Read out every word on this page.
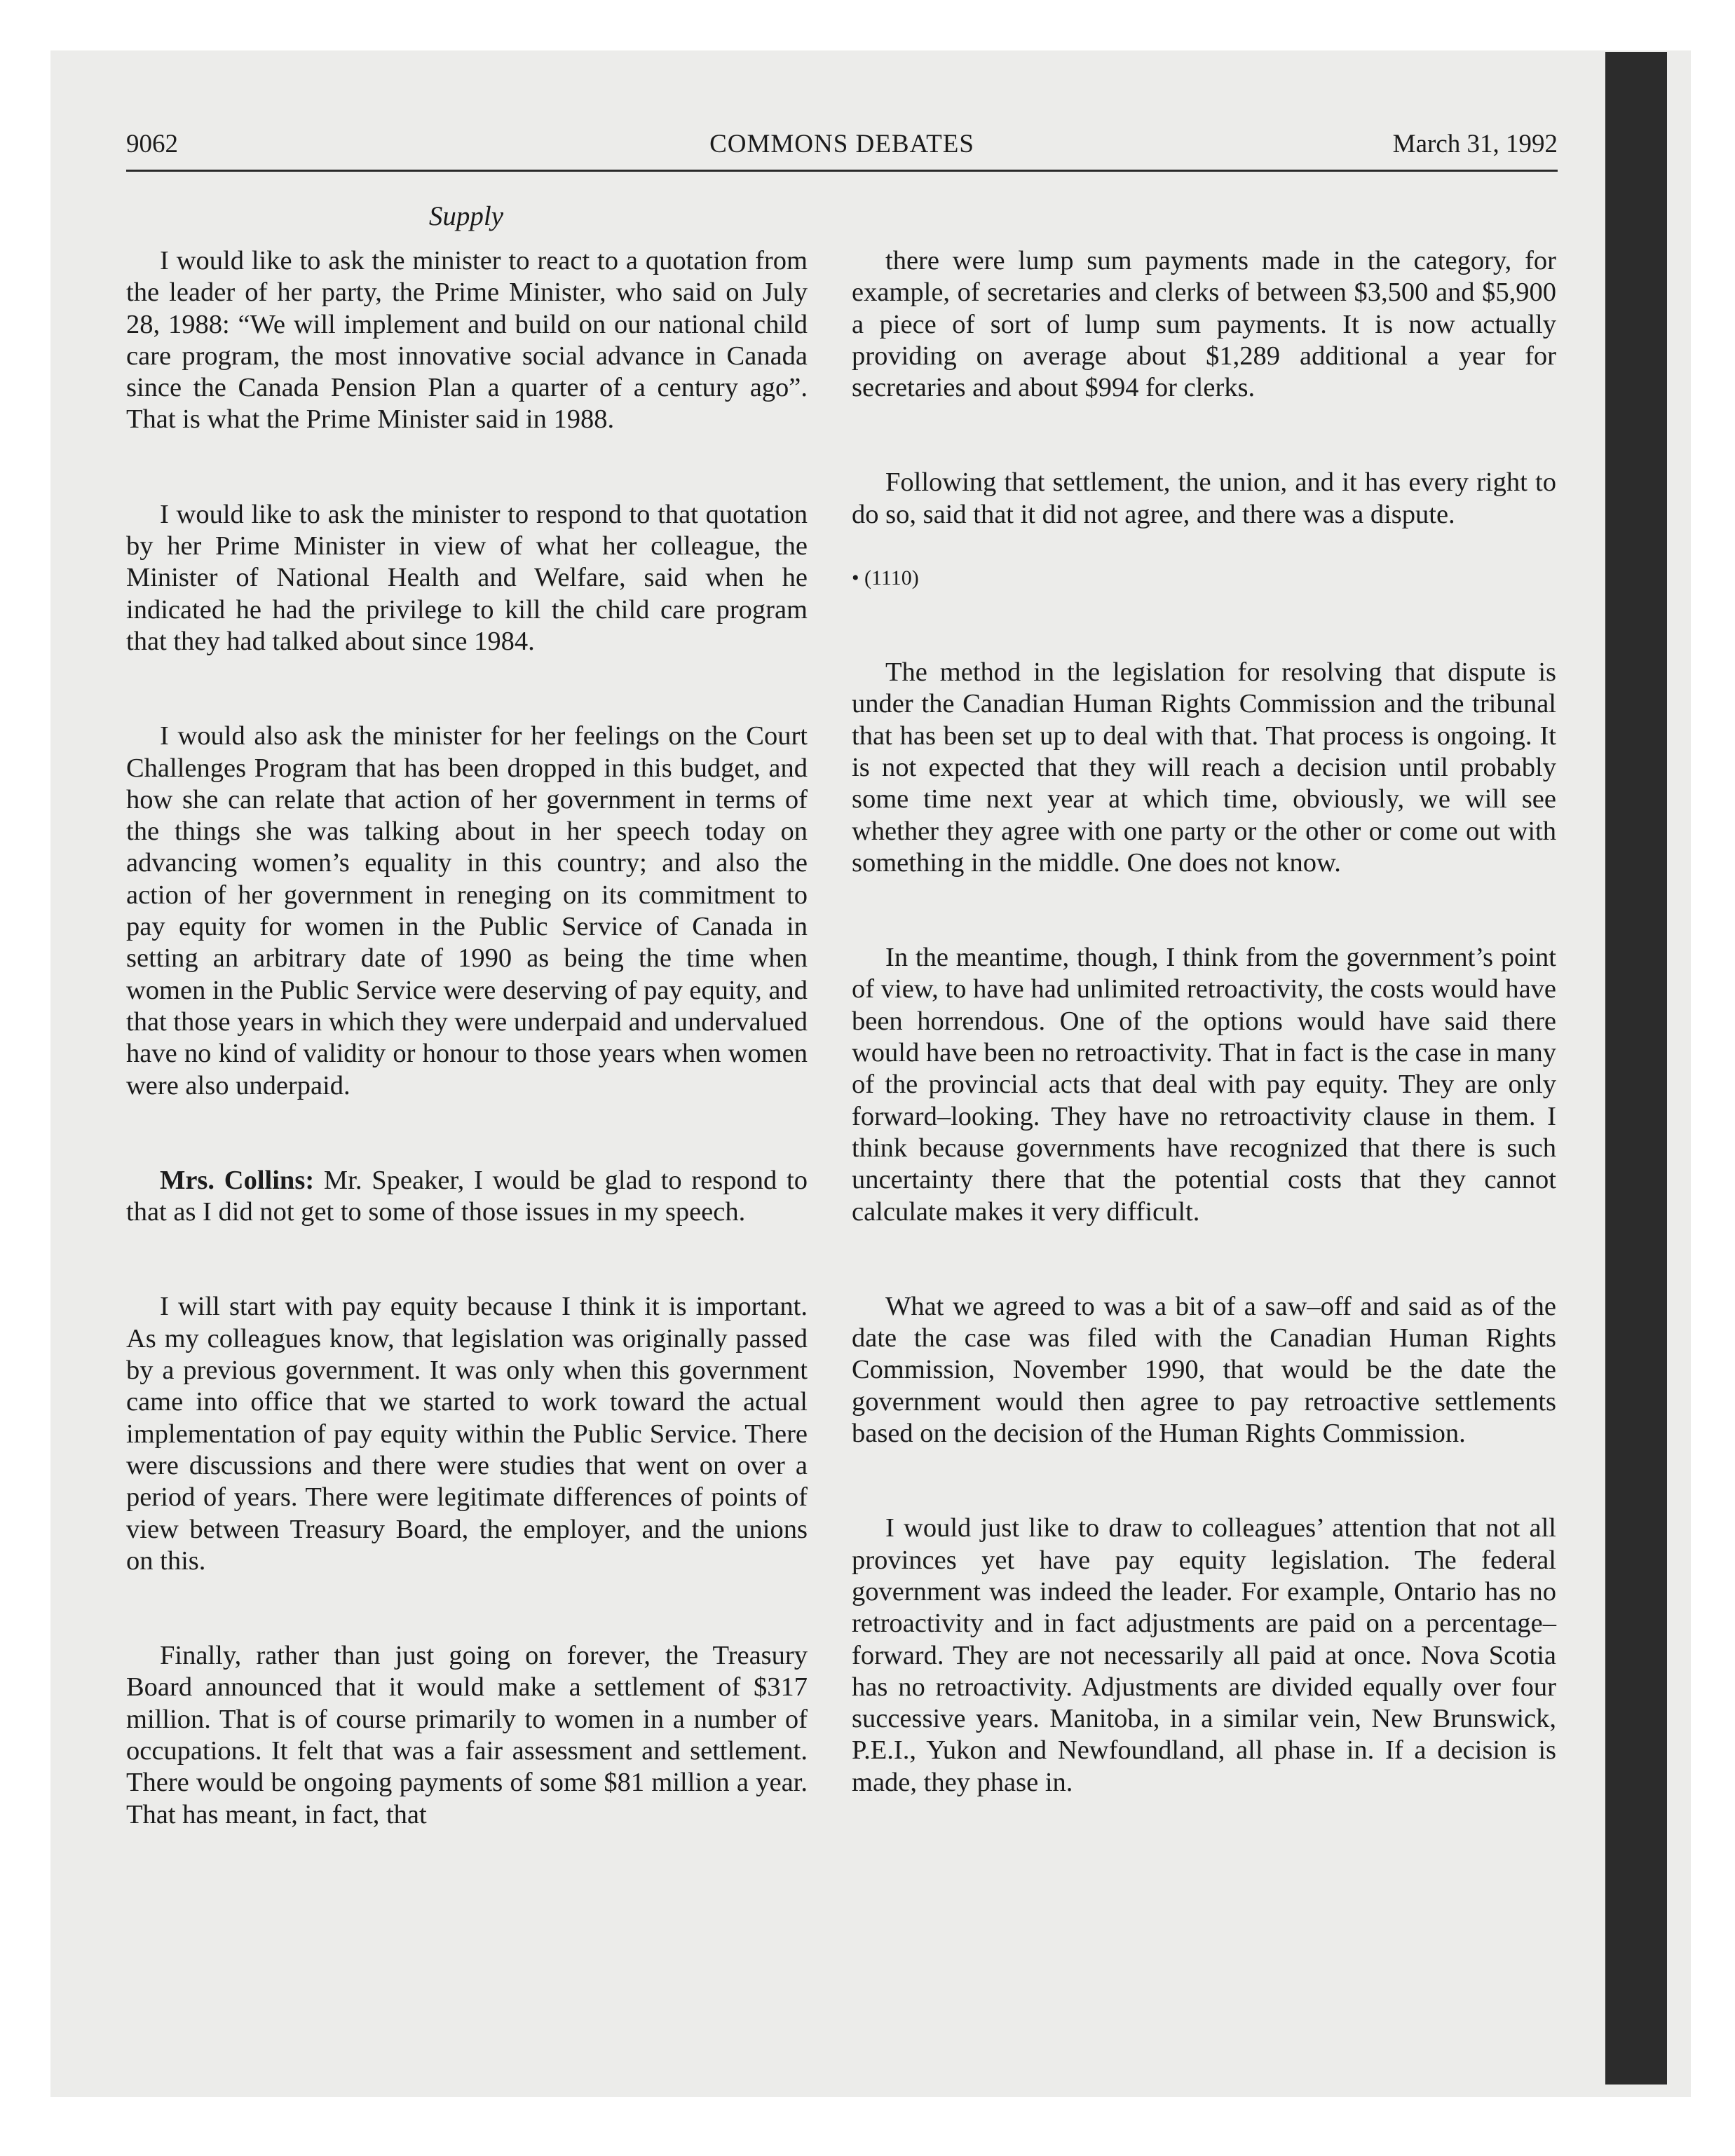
9062	COMMONS DEBATES	March 31, 1992
Supply

I would like to ask the minister to react to a quotation from the leader of her party, the Prime Minister, who said on July 28, 1988: “We will implement and build on our national child care program, the most innovative social advance in Canada since the Canada Pension Plan a quarter of a century ago”. That is what the Prime Minister said in 1988.

I would like to ask the minister to respond to that quotation by her Prime Minister in view of what her colleague, the Minister of National Health and Welfare, said when he indicated he had the privilege to kill the child care program that they had talked about since 1984.

I would also ask the minister for her feelings on the Court Challenges Program that has been dropped in this budget, and how she can relate that action of her government in terms of the things she was talking about in her speech today on advancing women’s equality in this country; and also the action of her government in reneging on its commitment to pay equity for women in the Public Service of Canada in setting an arbitrary date of 1990 as being the time when women in the Public Service were deserving of pay equity, and that those years in which they were underpaid and undervalued have no kind of validity or honour to those years when women were also underpaid.

Mrs. Collins: Mr. Speaker, I would be glad to respond to that as I did not get to some of those issues in my speech.

I will start with pay equity because I think it is important. As my colleagues know, that legislation was originally passed by a previous government. It was only when this government came into office that we started to work toward the actual implementation of pay equity within the Public Service. There were discussions and there were studies that went on over a period of years. There were legitimate differences of points of view between Treasury Board, the employer, and the unions on this.

Finally, rather than just going on forever, the Treasury Board announced that it would make a settlement of $317 million. That is of course primarily to women in a number of occupations. It felt that was a fair assessment and settlement. There would be ongoing payments of some $81 million a year. That has meant, in fact, that

there were lump sum payments made in the category, for example, of secretaries and clerks of between $3,500 and $5,900 a piece of sort of lump sum payments. It is now actually providing on average about $1,289 additional a year for secretaries and about $994 for clerks.

Following that settlement, the union, and it has every right to do so, said that it did not agree, and there was a dispute.

• (1110)

The method in the legislation for resolving that dispute is under the Canadian Human Rights Commission and the tribunal that has been set up to deal with that. That process is ongoing. It is not expected that they will reach a decision until probably some time next year at which time, obviously, we will see whether they agree with one party or the other or come out with something in the middle. One does not know.

In the meantime, though, I think from the government’s point of view, to have had unlimited retroactivity, the costs would have been horrendous. One of the options would have said there would have been no retroactivity. That in fact is the case in many of the provincial acts that deal with pay equity. They are only forward–looking. They have no retroactivity clause in them. I think because governments have recognized that there is such uncertainty there that the potential costs that they cannot calculate makes it very difficult.

What we agreed to was a bit of a saw–off and said as of the date the case was filed with the Canadian Human Rights Commission, November 1990, that would be the date the government would then agree to pay retroactive settlements based on the decision of the Human Rights Commission.

I would just like to draw to colleagues’ attention that not all provinces yet have pay equity legislation. The federal government was indeed the leader. For example, Ontario has no retroactivity and in fact adjustments are paid on a percentage–forward. They are not necessarily all paid at once. Nova Scotia has no retroactivity. Adjustments are divided equally over four successive years. Manitoba, in a similar vein, New Brunswick, P.E.I., Yukon and Newfoundland, all phase in. If a decision is made, they phase in.
